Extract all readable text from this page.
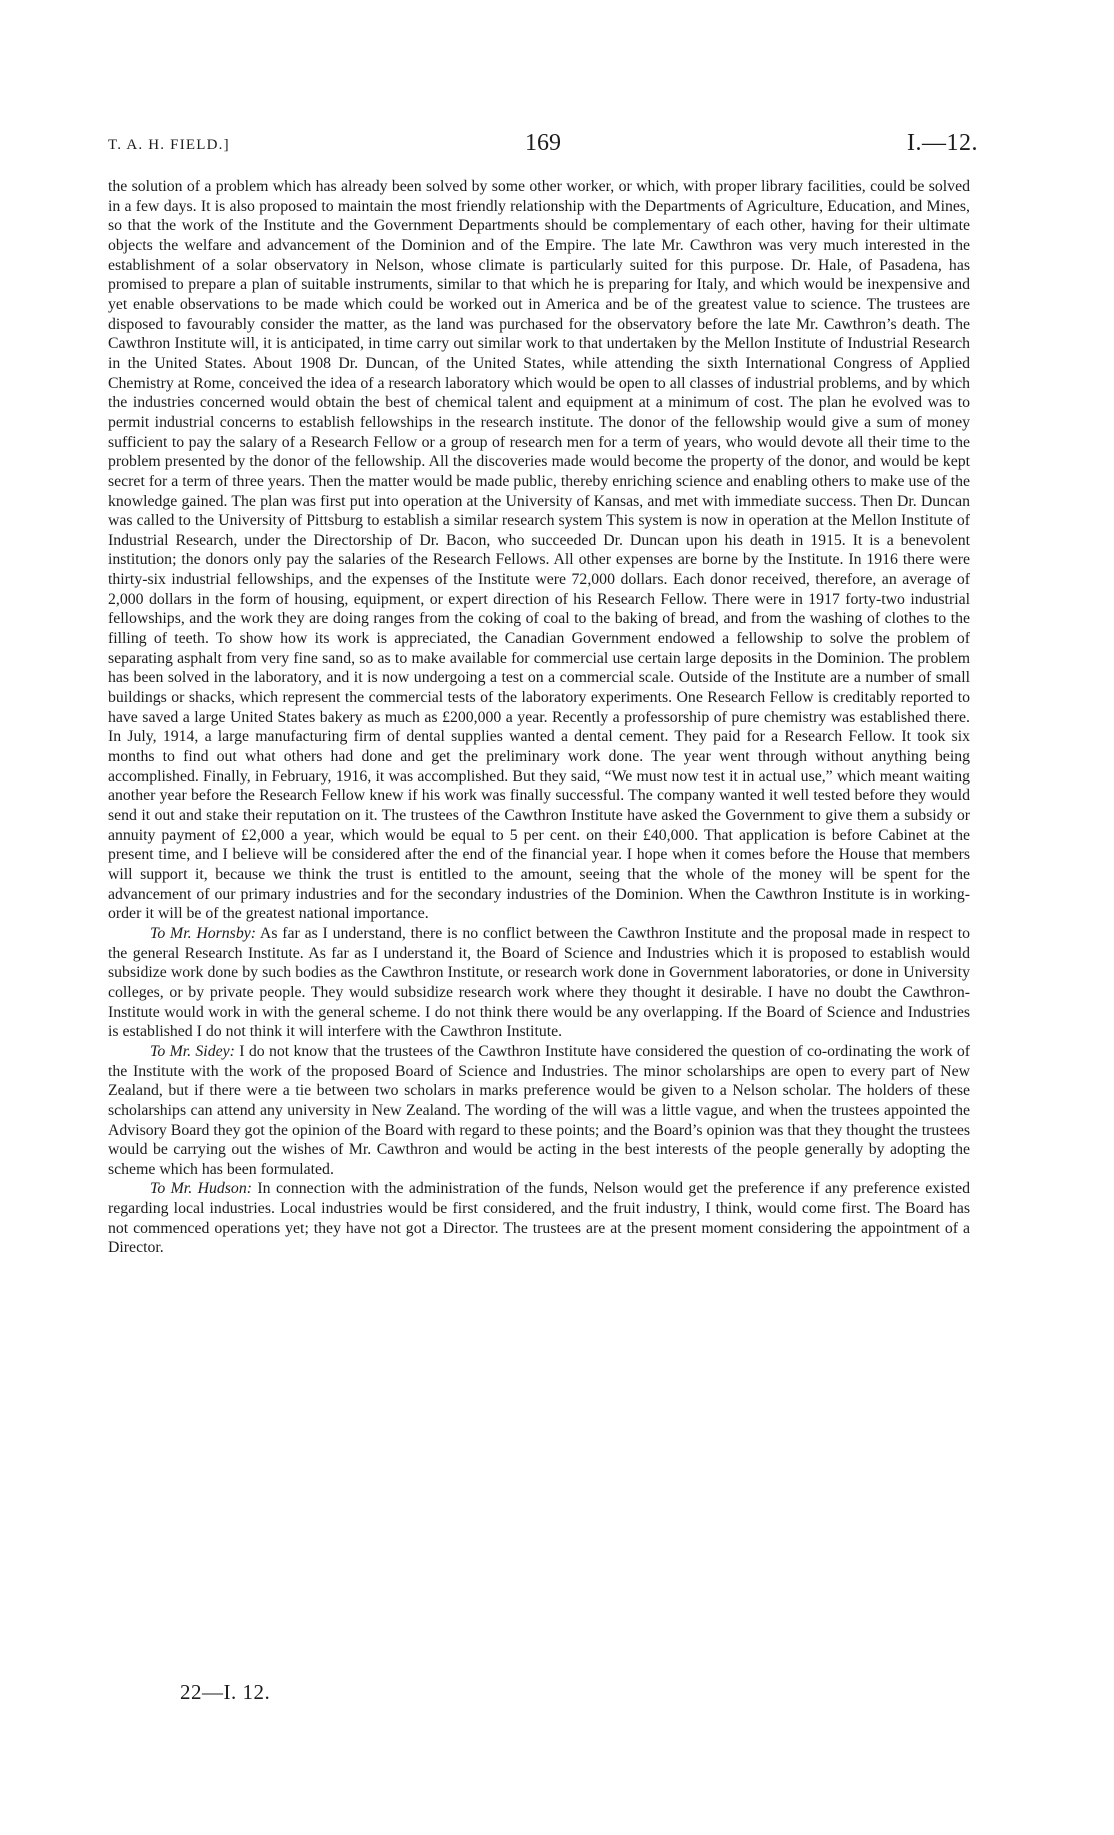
T. A. H. FIELD.]	169	I.—12.

the solution of a problem which has already been solved by some other worker, or which, with proper library facilities, could be solved in a few days. It is also proposed to maintain the most friendly relationship with the Departments of Agriculture, Education, and Mines, so that the work of the Institute and the Government Departments should be complementary of each other, having for their ultimate objects the welfare and advancement of the Dominion and of the Empire. The late Mr. Cawthron was very much interested in the establishment of a solar observatory in Nelson, whose climate is particularly suited for this purpose. Dr. Hale, of Pasadena, has promised to prepare a plan of suitable instruments, similar to that which he is preparing for Italy, and which would be inexpensive and yet enable observations to be made which could be worked out in America and be of the greatest value to science. The trustees are disposed to favourably consider the matter, as the land was purchased for the observatory before the late Mr. Cawthron’s death. The Cawthron Institute will, it is anticipated, in time carry out similar work to that undertaken by the Mellon Institute of Industrial Research in the United States. About 1908 Dr. Duncan, of the United States, while attending the sixth International Congress of Applied Chemistry at Rome, conceived the idea of a research laboratory which would be open to all classes of industrial problems, and by which the industries concerned would obtain the best of chemical talent and equipment at a minimum of cost. The plan he evolved was to permit industrial concerns to establish fellowships in the research institute. The donor of the fellowship would give a sum of money sufficient to pay the salary of a Research Fellow or a group of research men for a term of years, who would devote all their time to the problem presented by the donor of the fellowship. All the discoveries made would become the property of the donor, and would be kept secret for a term of three years. Then the matter would be made public, thereby enriching science and enabling others to make use of the knowledge gained. The plan was first put into operation at the University of Kansas, and met with immediate success. Then Dr. Duncan was called to the University of Pittsburg to establish a similar research system This system is now in operation at the Mellon Institute of Industrial Research, under the Directorship of Dr. Bacon, who succeeded Dr. Duncan upon his death in 1915. It is a benevolent institution; the donors only pay the salaries of the Research Fellows. All other expenses are borne by the Institute. In 1916 there were thirty-six industrial fellowships, and the expenses of the Institute were 72,000 dollars. Each donor received, therefore, an average of 2,000 dollars in the form of housing, equipment, or expert direction of his Research Fellow. There were in 1917 forty-two industrial fellowships, and the work they are doing ranges from the coking of coal to the baking of bread, and from the washing of clothes to the filling of teeth. To show how its work is appreciated, the Canadian Government endowed a fellowship to solve the problem of separating asphalt from very fine sand, so as to make available for commercial use certain large deposits in the Dominion. The problem has been solved in the laboratory, and it is now undergoing a test on a commercial scale. Outside of the Institute are a number of small buildings or shacks, which represent the commercial tests of the laboratory experiments. One Research Fellow is creditably reported to have saved a large United States bakery as much as £200,000 a year. Recently a professorship of pure chemistry was established there. In July, 1914, a large manufacturing firm of dental supplies wanted a dental cement. They paid for a Research Fellow. It took six months to find out what others had done and get the preliminary work done. The year went through without anything being accomplished. Finally, in February, 1916, it was accomplished. But they said, “We must now test it in actual use,” which meant waiting another year before the Research Fellow knew if his work was finally successful. The company wanted it well tested before they would send it out and stake their reputation on it. The trustees of the Cawthron Institute have asked the Government to give them a subsidy or annuity payment of £2,000 a year, which would be equal to 5 per cent. on their £40,000. That application is before Cabinet at the present time, and I believe will be considered after the end of the financial year. I hope when it comes before the House that members will support it, because we think the trust is entitled to the amount, seeing that the whole of the money will be spent for the advancement of our primary industries and for the secondary industries of the Dominion. When the Cawthron Institute is in working-order it will be of the greatest national importance.

To Mr. Hornsby: As far as I understand, there is no conflict between the Cawthron Institute and the proposal made in respect to the general Research Institute. As far as I understand it, the Board of Science and Industries which it is proposed to establish would subsidize work done by such bodies as the Cawthron Institute, or research work done in Government laboratories, or done in University colleges, or by private people. They would subsidize research work where they thought it desirable. I have no doubt the Cawthron-Institute would work in with the general scheme. I do not think there would be any overlapping. If the Board of Science and Industries is established I do not think it will interfere with the Cawthron Institute.

To Mr. Sidey: I do not know that the trustees of the Cawthron Institute have considered the question of co-ordinating the work of the Institute with the work of the proposed Board of Science and Industries. The minor scholarships are open to every part of New Zealand, but if there were a tie between two scholars in marks preference would be given to a Nelson scholar. The holders of these scholarships can attend any university in New Zealand. The wording of the will was a little vague, and when the trustees appointed the Advisory Board they got the opinion of the Board with regard to these points; and the Board’s opinion was that they thought the trustees would be carrying out the wishes of Mr. Cawthron and would be acting in the best interests of the people generally by adopting the scheme which has been formulated.

To Mr. Hudson: In connection with the administration of the funds, Nelson would get the preference if any preference existed regarding local industries. Local industries would be first considered, and the fruit industry, I think, would come first. The Board has not commenced operations yet; they have not got a Director. The trustees are at the present moment considering the appointment of a Director.

22—I. 12.
